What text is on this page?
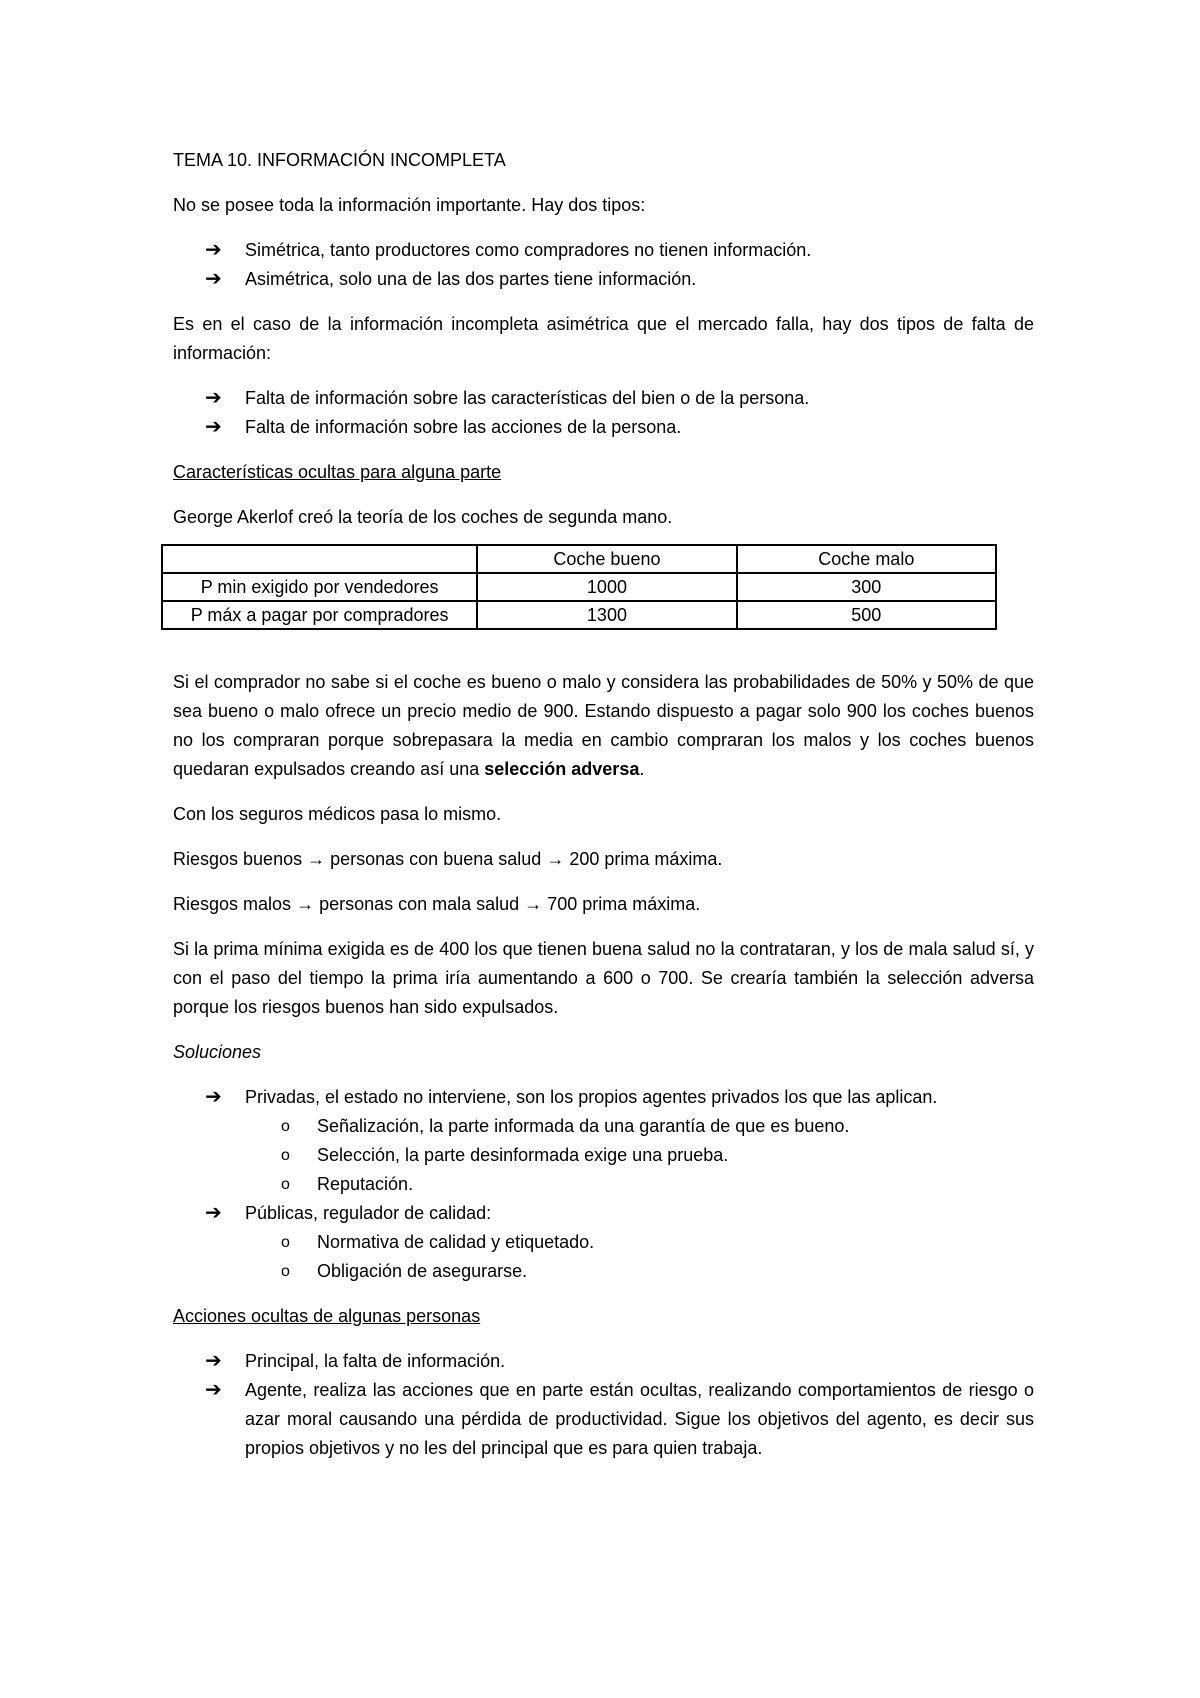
TEMA 10. INFORMACIÓN INCOMPLETA

No se posee toda la información importante. Hay dos tipos:

➔ Simétrica, tanto productores como compradores no tienen información.
➔ Asimétrica, solo una de las dos partes tiene información.

Es en el caso de la información incompleta asimétrica que el mercado falla, hay dos tipos de falta de información:

➔ Falta de información sobre las características del bien o de la persona.
➔ Falta de información sobre las acciones de la persona.

Características ocultas para alguna parte

George Akerlof creó la teoría de los coches de segunda mano.

	Coche bueno	Coche malo
P min exigido por vendedores	1000	300
P máx a pagar por compradores	1300	500

Si el comprador no sabe si el coche es bueno o malo y considera las probabilidades de 50% y 50% de que sea bueno o malo ofrece un precio medio de 900. Estando dispuesto a pagar solo 900 los coches buenos no los compraran porque sobrepasara la media en cambio compraran los malos y los coches buenos quedaran expulsados creando así una selección adversa.

Con los seguros médicos pasa lo mismo.

Riesgos buenos → personas con buena salud → 200 prima máxima.

Riesgos malos → personas con mala salud → 700 prima máxima.

Si la prima mínima exigida es de 400 los que tienen buena salud no la contrataran, y los de mala salud sí, y con el paso del tiempo la prima iría aumentando a 600 o 700. Se crearía también la selección adversa porque los riesgos buenos han sido expulsados.

Soluciones

➔ Privadas, el estado no interviene, son los propios agentes privados los que las aplican.
o Señalización, la parte informada da una garantía de que es bueno.
o Selección, la parte desinformada exige una prueba.
o Reputación.
➔ Públicas, regulador de calidad:
o Normativa de calidad y etiquetado.
o Obligación de asegurarse.

Acciones ocultas de algunas personas

➔ Principal, la falta de información.
➔ Agente, realiza las acciones que en parte están ocultas, realizando comportamientos de riesgo o azar moral causando una pérdida de productividad. Sigue los objetivos del agento, es decir sus propios objetivos y no les del principal que es para quien trabaja.
